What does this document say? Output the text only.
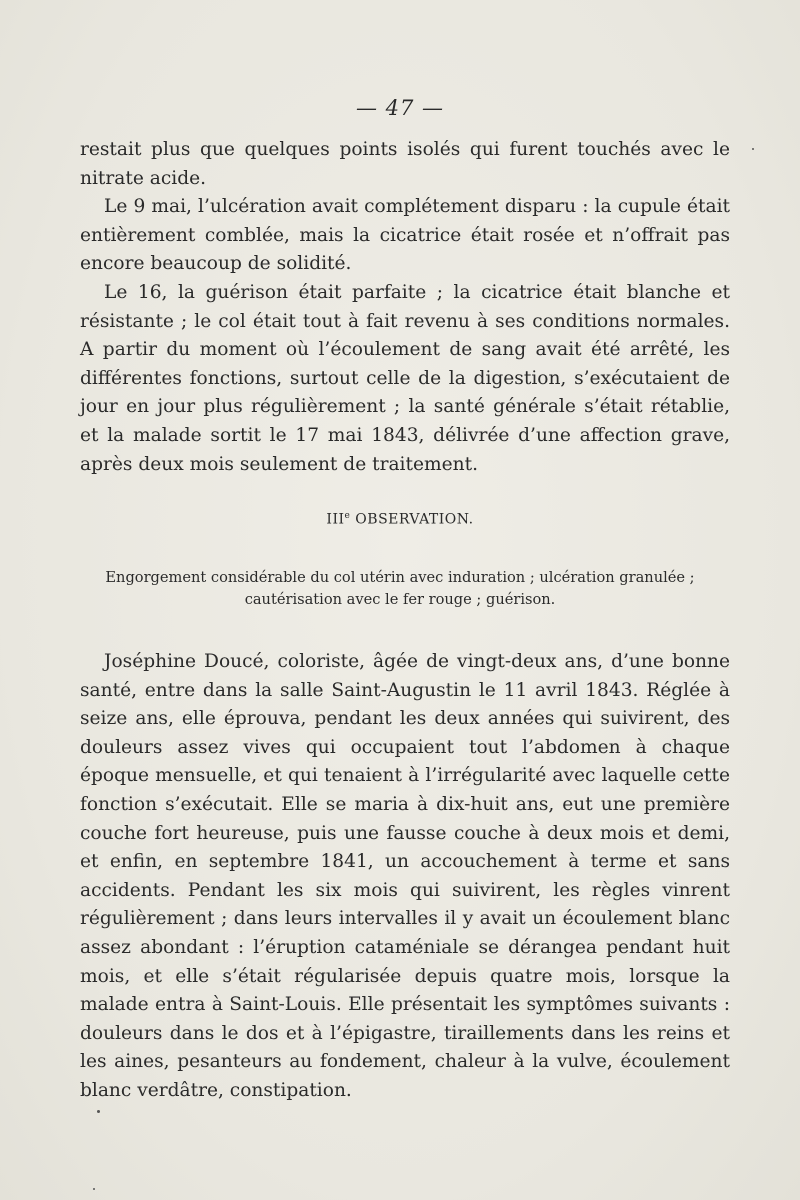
— 47 —

restait plus que quelques points isolés qui furent touchés avec le nitrate acide.

Le 9 mai, l’ulcération avait complétement disparu : la cupule était entièrement comblée, mais la cicatrice était rosée et n’offrait pas encore beaucoup de solidité.

Le 16, la guérison était parfaite ; la cicatrice était blanche et résistante ; le col était tout à fait revenu à ses conditions normales. A partir du moment où l’écoulement de sang avait été arrêté, les différentes fonctions, surtout celle de la digestion, s’exécutaient de jour en jour plus régulièrement ; la santé générale s’était rétablie, et la malade sortit le 17 mai 1843, délivrée d’une affection grave, après deux mois seulement de traitement.

IIIe OBSERVATION.
Engorgement considérable du col utérin avec induration ; ulcération granulée ; cautérisation avec le fer rouge ; guérison.

Joséphine Doucé, coloriste, âgée de vingt-deux ans, d’une bonne santé, entre dans la salle Saint-Augustin le 11 avril 1843. Réglée à seize ans, elle éprouva, pendant les deux années qui suivirent, des douleurs assez vives qui occupaient tout l’abdomen à chaque époque mensuelle, et qui tenaient à l’irrégularité avec laquelle cette fonction s’exécutait. Elle se maria à dix-huit ans, eut une première couche fort heureuse, puis une fausse couche à deux mois et demi, et enfin, en septembre 1841, un accouchement à terme et sans accidents. Pendant les six mois qui suivirent, les règles vinrent régulièrement ; dans leurs intervalles il y avait un écoulement blanc assez abondant : l’éruption cataméniale se dérangea pendant huit mois, et elle s’était régularisée depuis quatre mois, lorsque la malade entra à Saint-Louis. Elle présentait les symptômes suivants : douleurs dans le dos et à l’épigastre, tiraillements dans les reins et les aines, pesanteurs au fondement, chaleur à la vulve, écoulement blanc verdâtre, constipation.
